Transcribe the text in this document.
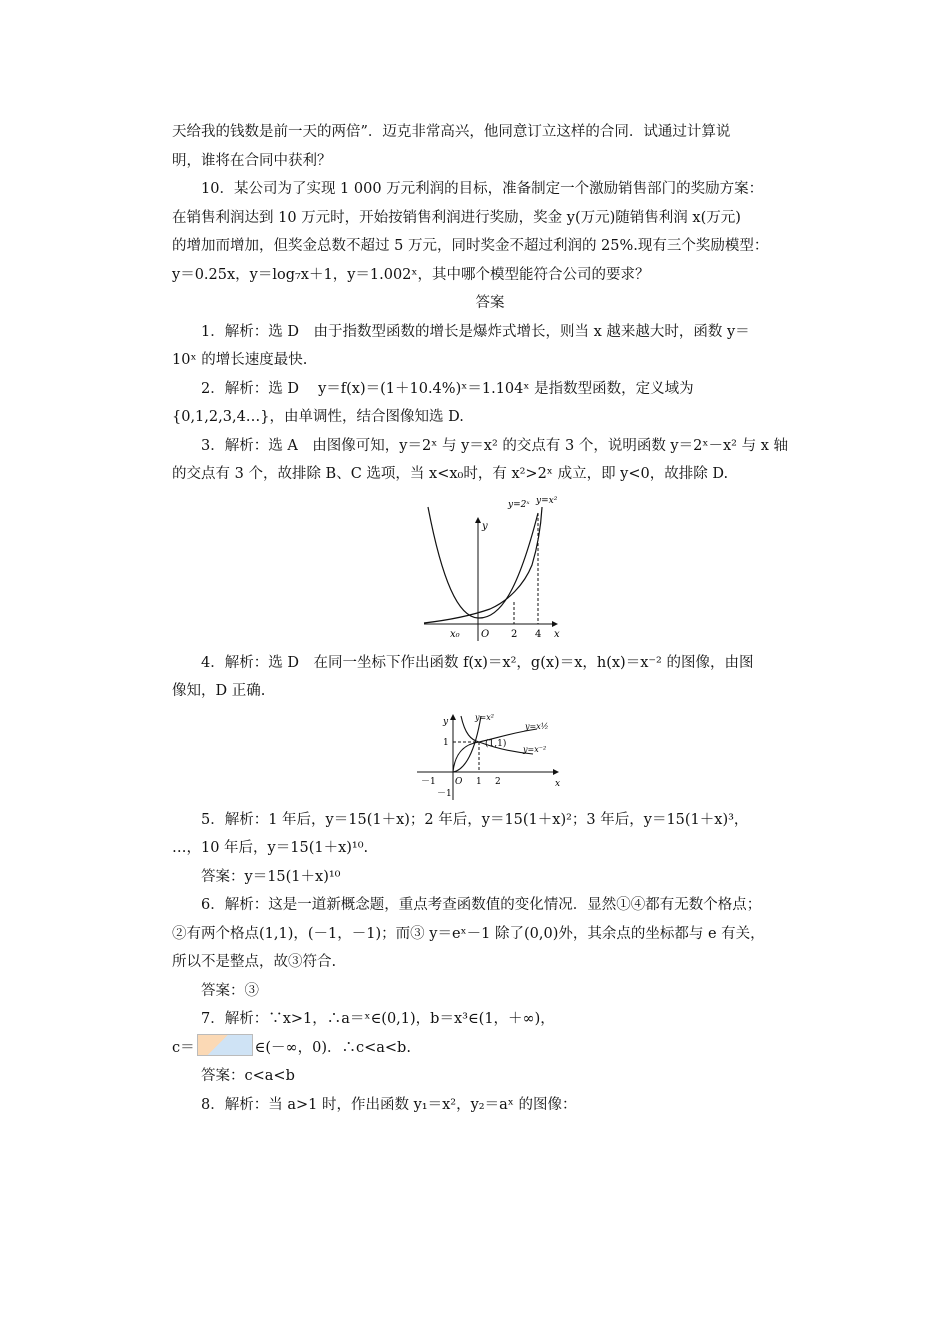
天给我的钱数是前一天的两倍”．迈克非常高兴，他同意订立这样的合同．试通过计算说

明，谁将在合同中获利？

10．某公司为了实现 1 000 万元利润的目标，准备制定一个激励销售部门的奖励方案：

在销售利润达到 10 万元时，开始按销售利润进行奖励，奖金 y(万元)随销售利润 x(万元)

的增加而增加，但奖金总数不超过 5 万元，同时奖金不超过利润的 25%.现有三个奖励模型：

y＝0.25x，y＝log₇x＋1，y＝1.002ˣ，其中哪个模型能符合公司的要求？

答案

1．解析：选 D　由于指数型函数的增长是爆炸式增长，则当 x 越来越大时，函数 y＝

10ˣ 的增长速度最快.

2．解析：选 D　 y＝f(x)＝(1＋10.4%)ˣ＝1.104ˣ 是指数型函数，定义域为

{0,1,2,3,4…}，由单调性，结合图像知选 D.

3．解析：选 A　由图像可知，y＝2ˣ 与 y＝x² 的交点有 3 个，说明函数 y＝2ˣ－x² 与 x 轴

的交点有 3 个，故排除 B、C 选项，当 x<x₀时，有 x²>2ˣ 成立，即 y<0，故排除 D.

y=2ˣ y=x²
y
x
x₀ O 2 4

4．解析：选 D　在同一坐标下作出函数 f(x)＝x²，g(x)＝x，h(x)＝x⁻² 的图像，由图

像知，D 正确.

y
x
y=x²
y=x½
y=x⁻²
(1,1)
O
－1	1 2
1
－1

5．解析：1 年后，y＝15(1＋x)；2 年后，y＝15(1＋x)²；3 年后，y＝15(1＋x)³，

…，10 年后，y＝15(1＋x)¹⁰.

答案：y＝15(1＋x)¹⁰

6．解析：这是一道新概念题，重点考查函数值的变化情况．显然①④都有无数个格点；

②有两个格点(1,1)，(－1，－1)；而③ y＝eˣ－1 除了(0,0)外，其余点的坐标都与 e 有关，

所以不是整点，故③符合.

答案：③

7．解析：∵x>1，∴a＝ˣ∈(0,1)，b＝x³∈(1，＋∞)，

c＝	∈(－∞，0)．∴c<a<b.

答案：c<a<b

8．解析：当 a>1 时，作出函数 y₁＝x²，y₂＝aˣ 的图像：
